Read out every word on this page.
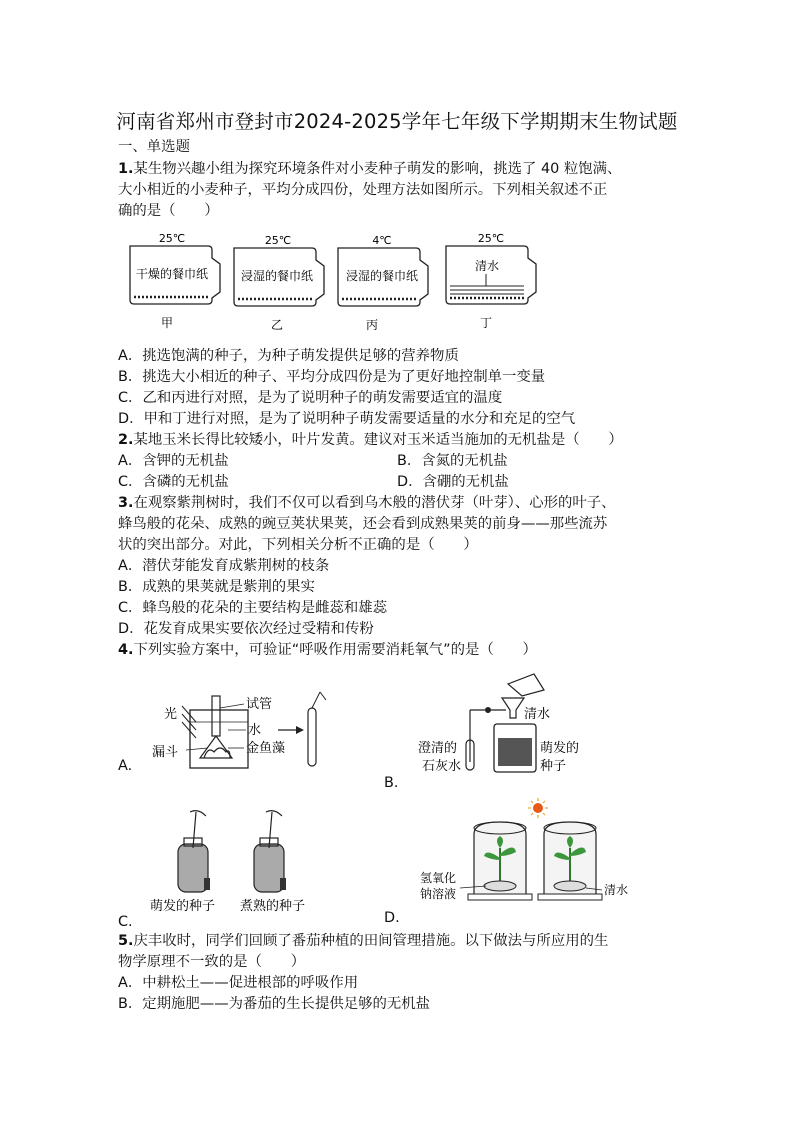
河南省郑州市登封市2024-2025学年七年级下学期期末生物试题
一、单选题
1.某生物兴趣小组为探究环境条件对小麦种子萌发的影响，挑选了 40 粒饱满、
大小相近的小麦种子，平均分成四份，处理方法如图所示。下列相关叙述不正
确的是（　　）
25℃
干燥的餐巾纸
甲
25℃
浸湿的餐巾纸
乙
4℃
浸湿的餐巾纸
丙
25℃
清水
丁
A．挑选饱满的种子，为种子萌发提供足够的营养物质
B．挑选大小相近的种子、平均分成四份是为了更好地控制单一变量
C．乙和丙进行对照，是为了说明种子的萌发需要适宜的温度
D．甲和丁进行对照，是为了说明种子萌发需要适量的水分和充足的空气
2.某地玉米长得比较矮小，叶片发黄。建议对玉米适当施加的无机盐是（　　）
A．含钾的无机盐	B．含氮的无机盐
C．含磷的无机盐	D．含硼的无机盐
3.在观察紫荆树时，我们不仅可以看到乌木般的潜伏芽（叶芽）、心形的叶子、
蜂鸟般的花朵、成熟的豌豆荚状果荚，还会看到成熟果荚的前身——那些流苏
状的突出部分。对此，下列相关分析不正确的是（　　）
A．潜伏芽能发育成紫荆树的枝条
B．成熟的果荚就是紫荆的果实
C．蜂鸟般的花朵的主要结构是雌蕊和雄蕊
D．花发育成果实要依次经过受精和传粉
4.下列实验方案中，可验证“呼吸作用需要消耗氧气”的是（　　）
光
漏斗
试管
水
金鱼藻
A.
清水
澄清的
石灰水
萌发的
种子
B.
萌发的种子 煮熟的种子
C.
氢氧化
钠溶液	清水
D.
5.庆丰收时，同学们回顾了番茄种植的田间管理措施。以下做法与所应用的生
物学原理不一致的是（　　）
A．中耕松土——促进根部的呼吸作用
B．定期施肥——为番茄的生长提供足够的无机盐
